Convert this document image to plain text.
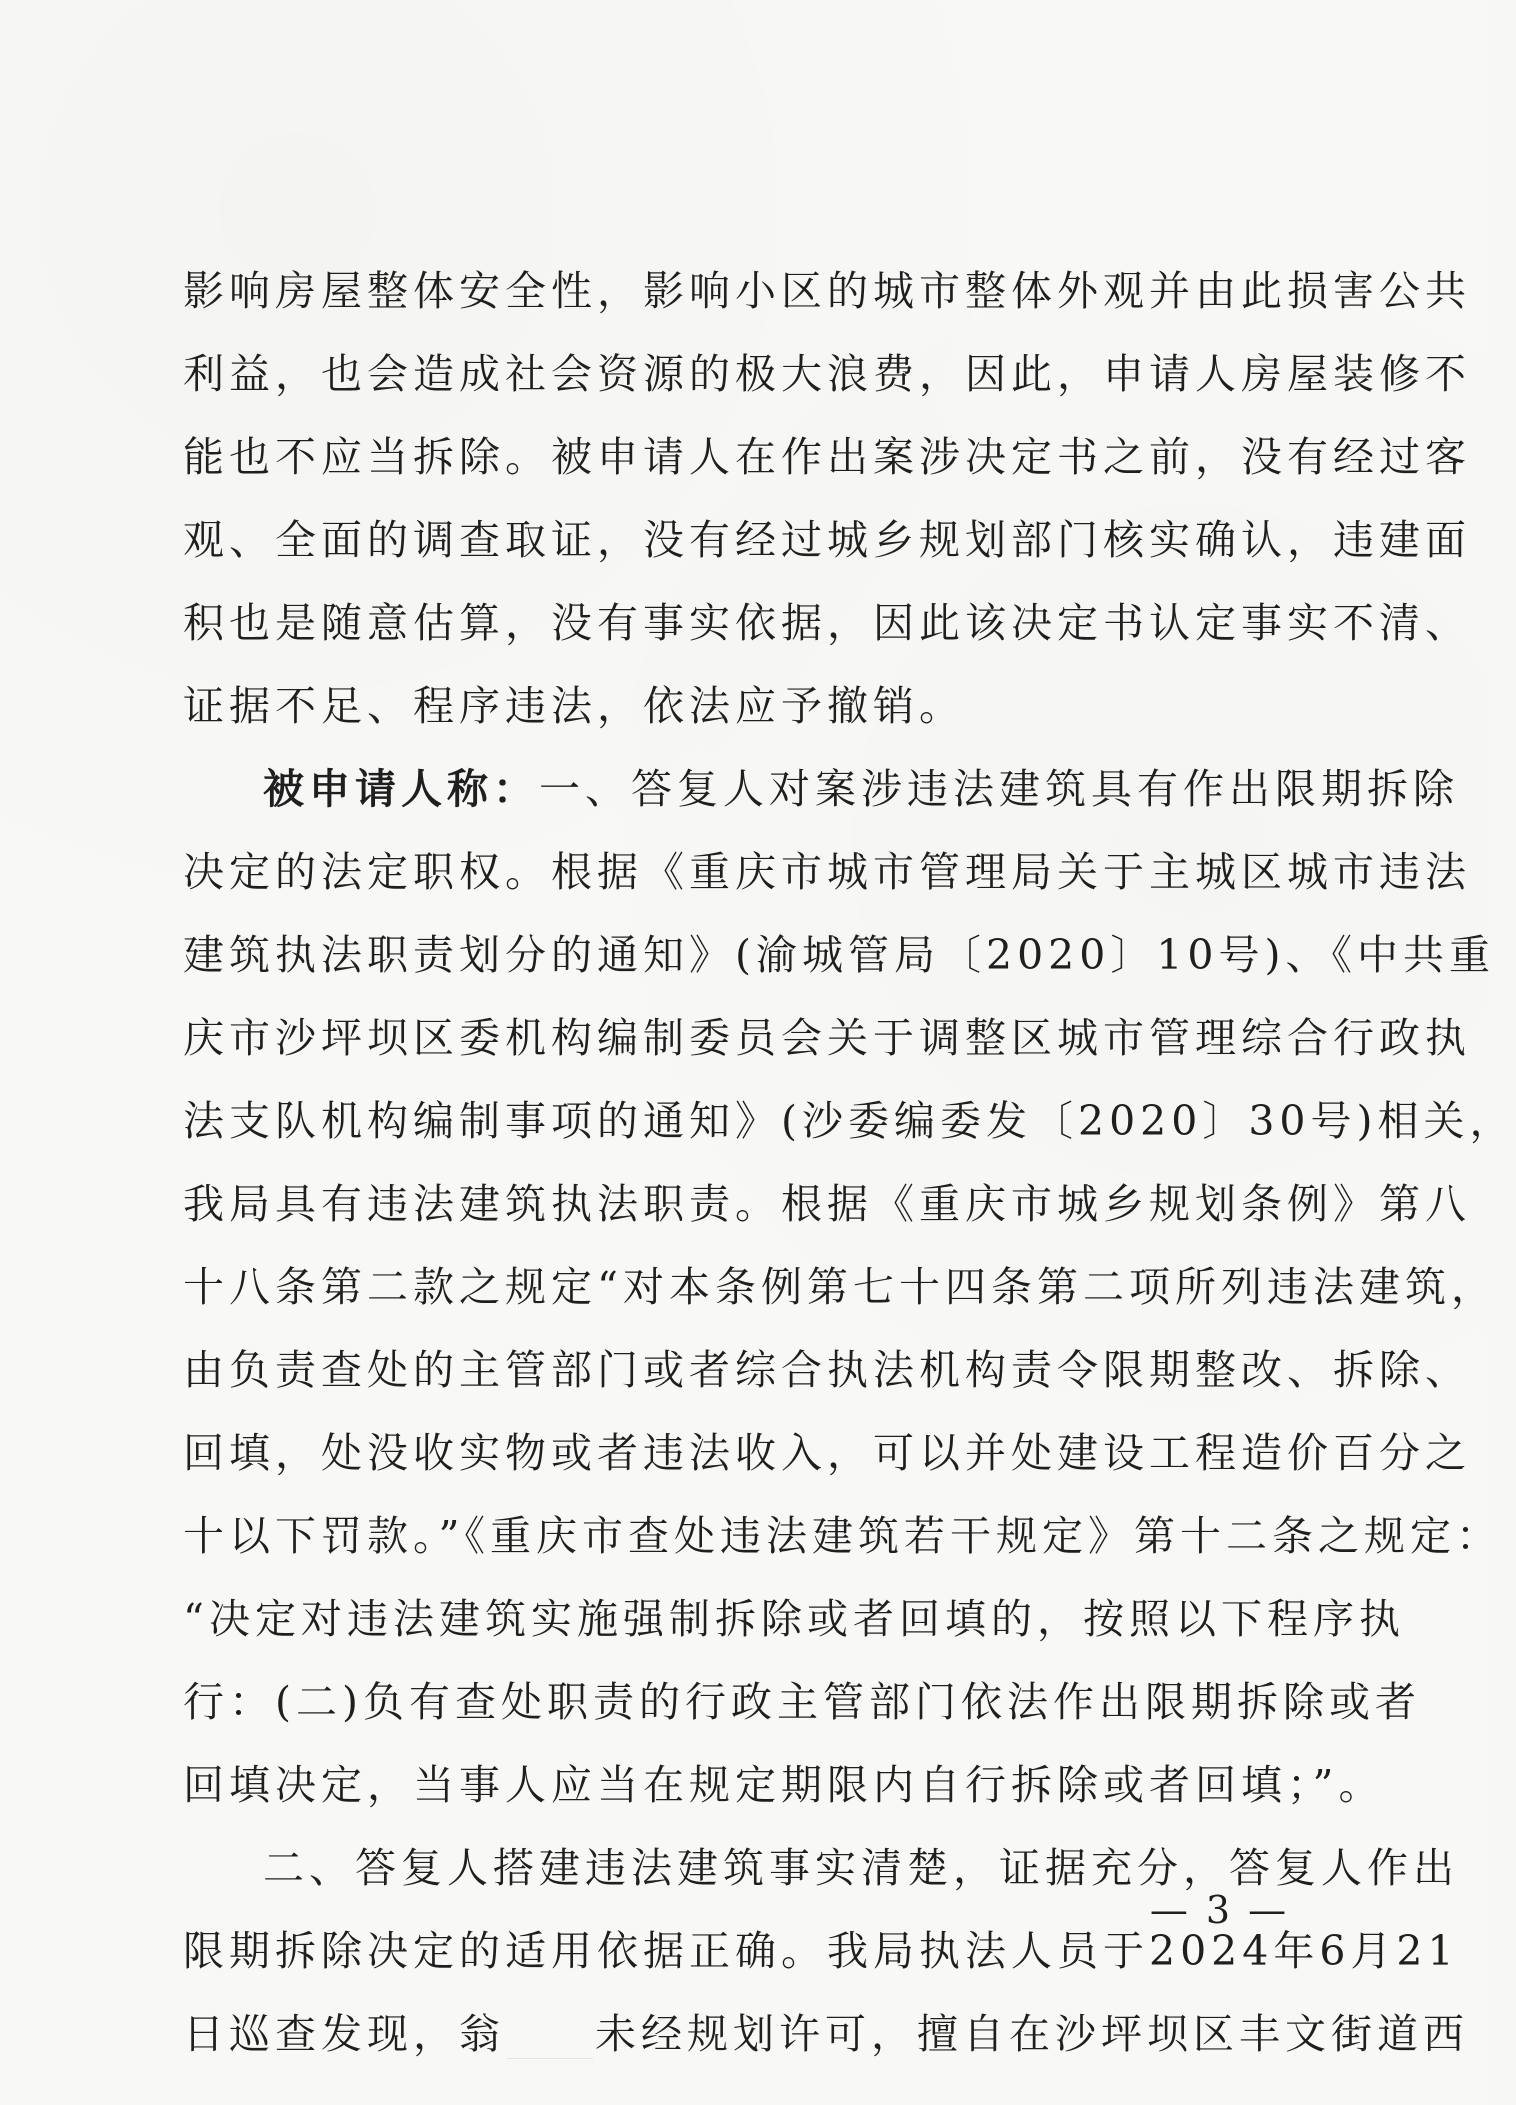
影响房屋整体安全性，影响小区的城市整体外观并由此损害公共
利益，也会造成社会资源的极大浪费，因此，申请人房屋装修不
能也不应当拆除。被申请人在作出案涉决定书之前，没有经过客
观、全面的调查取证，没有经过城乡规划部门核实确认，违建面
积也是随意估算，没有事实依据，因此该决定书认定事实不清、
证据不足、程序违法，依法应予撤销。
被申请人称：一、答复人对案涉违法建筑具有作出限期拆除
决定的法定职权。根据《重庆市城市管理局关于主城区城市违法
建筑执法职责划分的通知》(渝城管局〔2020〕10号)、《中共重
庆市沙坪坝区委机构编制委员会关于调整区城市管理综合行政执
法支队机构编制事项的通知》(沙委编委发〔2020〕30号)相关，
我局具有违法建筑执法职责。根据《重庆市城乡规划条例》第八
十八条第二款之规定“对本条例第七十四条第二项所列违法建筑，
由负责查处的主管部门或者综合执法机构责令限期整改、拆除、
回填，处没收实物或者违法收入，可以并处建设工程造价百分之
十以下罚款。”《重庆市查处违法建筑若干规定》第十二条之规定：
“决定对违法建筑实施强制拆除或者回填的，按照以下程序执
行：(二)负有查处职责的行政主管部门依法作出限期拆除或者
回填决定，当事人应当在规定期限内自行拆除或者回填；”。
二、答复人搭建违法建筑事实清楚，证据充分，答复人作出
限期拆除决定的适用依据正确。我局执法人员于2024年6月21
日巡查发现，翁 未经规划许可，擅自在沙坪坝区丰文街道西
— 3 —
